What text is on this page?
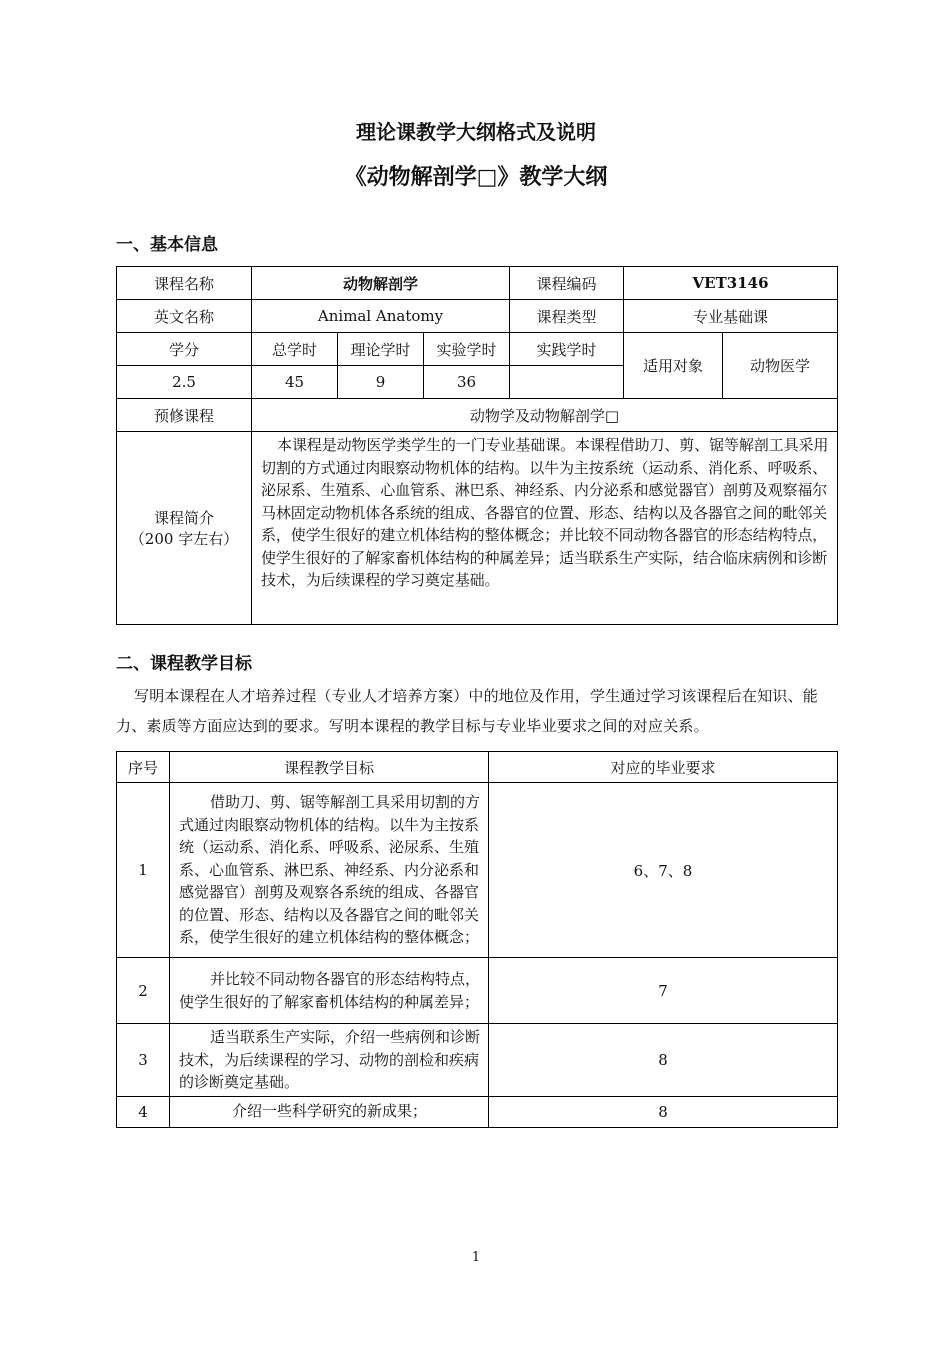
理论课教学大纲格式及说明
《动物解剖学□》教学大纲
一、基本信息
课程名称	动物解剖学			课程编码	VET3146	
英文名称	Animal Anatomy			课程类型	专业基础课	
学分	总学时	理论学时	实验学时	实践学时	适用对象	动物医学
2.5	45	9	36			
预修课程	动物学及动物解剖学□					

课程简介
（200 字左右）	本课程是动物医学类学生的一门专业基础课。本课程借助刀、剪、锯等解剖工具采用切割的方式通过肉眼察动物机体的结构。以牛为主按系统（运动系、消化系、呼吸系、泌尿系、生殖系、心血管系、淋巴系、神经系、内分泌系和感觉器官）剖剪及观察福尔马林固定动物机体各系统的组成、各器官的位置、形态、结构以及各器官之间的毗邻关系，使学生很好的建立机体结构的整体概念；并比较不同动物各器官的形态结构特点，使学生很好的了解家畜机体结构的种属差异；适当联系生产实际，结合临床病例和诊断技术，为后续课程的学习奠定基础。					
二、课程教学目标
写明本课程在人才培养过程（专业人才培养方案）中的地位及作用，学生通过学习该课程后在知识、能力、素质等方面应达到的要求。写明本课程的教学目标与专业毕业要求之间的对应关系。
序号	课程教学目标	对应的毕业要求
1	借助刀、剪、锯等解剖工具采用切割的方式通过肉眼察动物机体的结构。以牛为主按系统（运动系、消化系、呼吸系、泌尿系、生殖系、心血管系、淋巴系、神经系、内分泌系和感觉器官）剖剪及观察各系统的组成、各器官的位置、形态、结构以及各器官之间的毗邻关系，使学生很好的建立机体结构的整体概念；	6、7、8
2	并比较不同动物各器官的形态结构特点，使学生很好的了解家畜机体结构的种属差异；	7
3	适当联系生产实际，介绍一些病例和诊断技术，为后续课程的学习、动物的剖检和疾病的诊断奠定基础。	8
4	介绍一些科学研究的新成果；	8
1
